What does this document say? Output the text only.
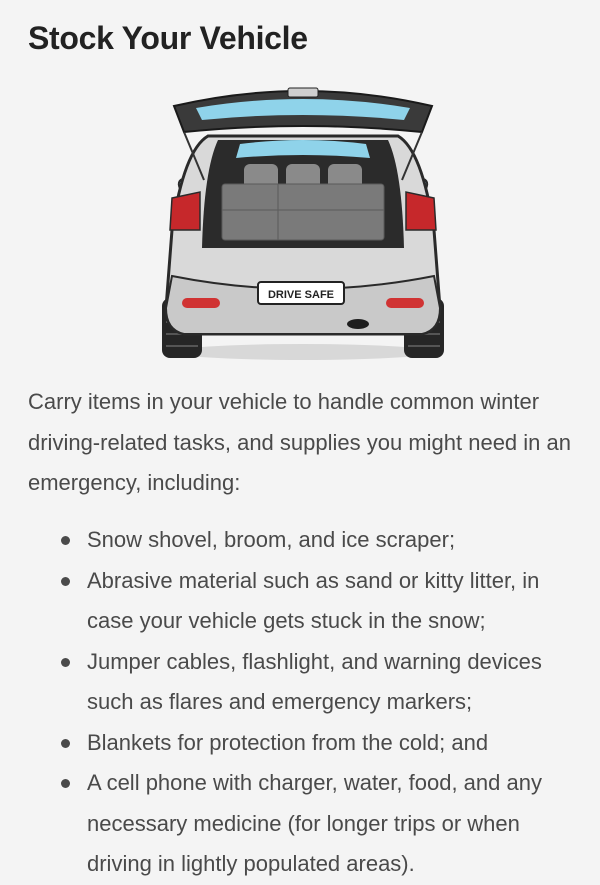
Stock Your Vehicle
DRIVE SAFE

Carry items in your vehicle to handle common winter driving-related tasks, and supplies you might need in an emergency, including:

Snow shovel, broom, and ice scraper;
Abrasive material such as sand or kitty litter, in case your vehicle gets stuck in the snow;
Jumper cables, flashlight, and warning devices such as flares and emergency markers;
Blankets for protection from the cold; and
A cell phone with charger, water, food, and any necessary medicine (for longer trips or when driving in lightly populated areas).
